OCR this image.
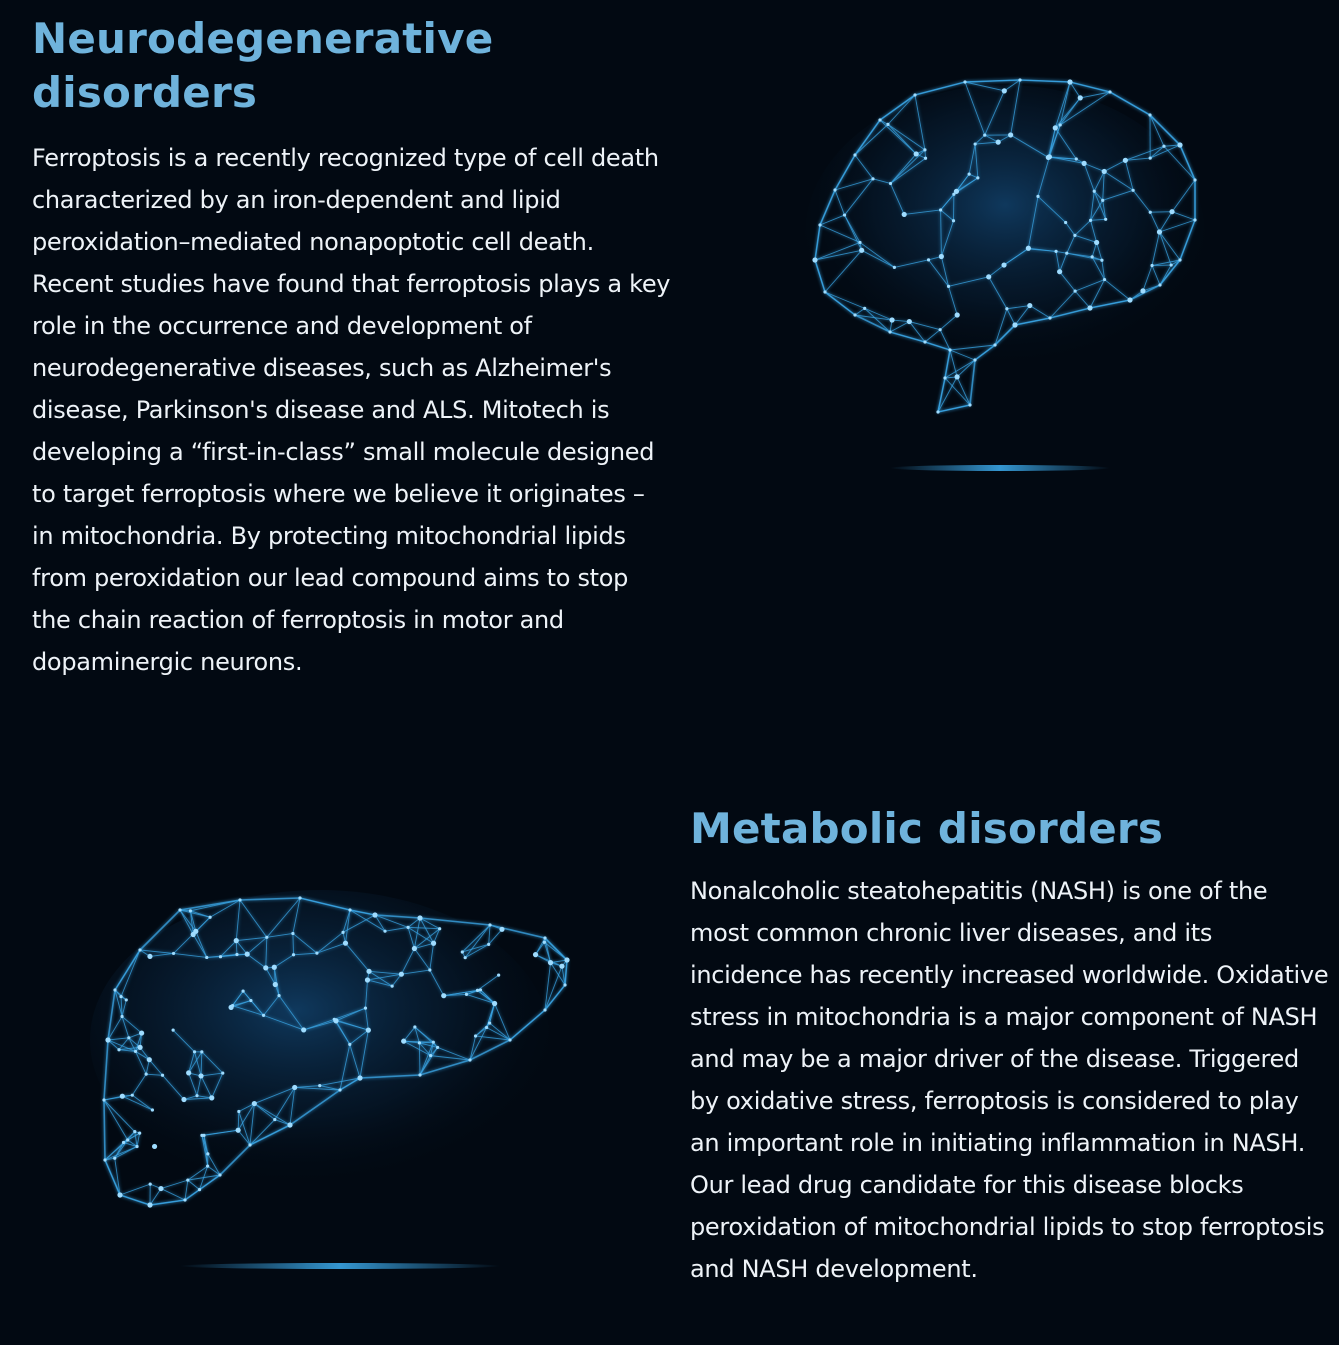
Neurodegenerative disorders

Ferroptosis is a recently recognized type of cell death characterized by an iron-dependent and lipid peroxidation–mediated nonapoptotic cell death. Recent studies have found that ferroptosis plays a key role in the occurrence and development of neurodegenerative diseases, such as Alzheimer's disease, Parkinson's disease and ALS. Mitotech is developing a “first-in-class” small molecule designed to target ferroptosis where we believe it originates – in mitochondria. By protecting mitochondrial lipids from peroxidation our lead compound aims to stop the chain reaction of ferroptosis in motor and dopaminergic neurons.

Metabolic disorders

Nonalcoholic steatohepatitis (NASH) is one of the most common chronic liver diseases, and its incidence has recently increased worldwide. Oxidative stress in mitochondria is a major component of NASH and may be a major driver of the disease. Triggered by oxidative stress, ferroptosis is considered to play an important role in initiating inflammation in NASH. Our lead drug candidate for this disease blocks peroxidation of mitochondrial lipids to stop ferroptosis and NASH development.
